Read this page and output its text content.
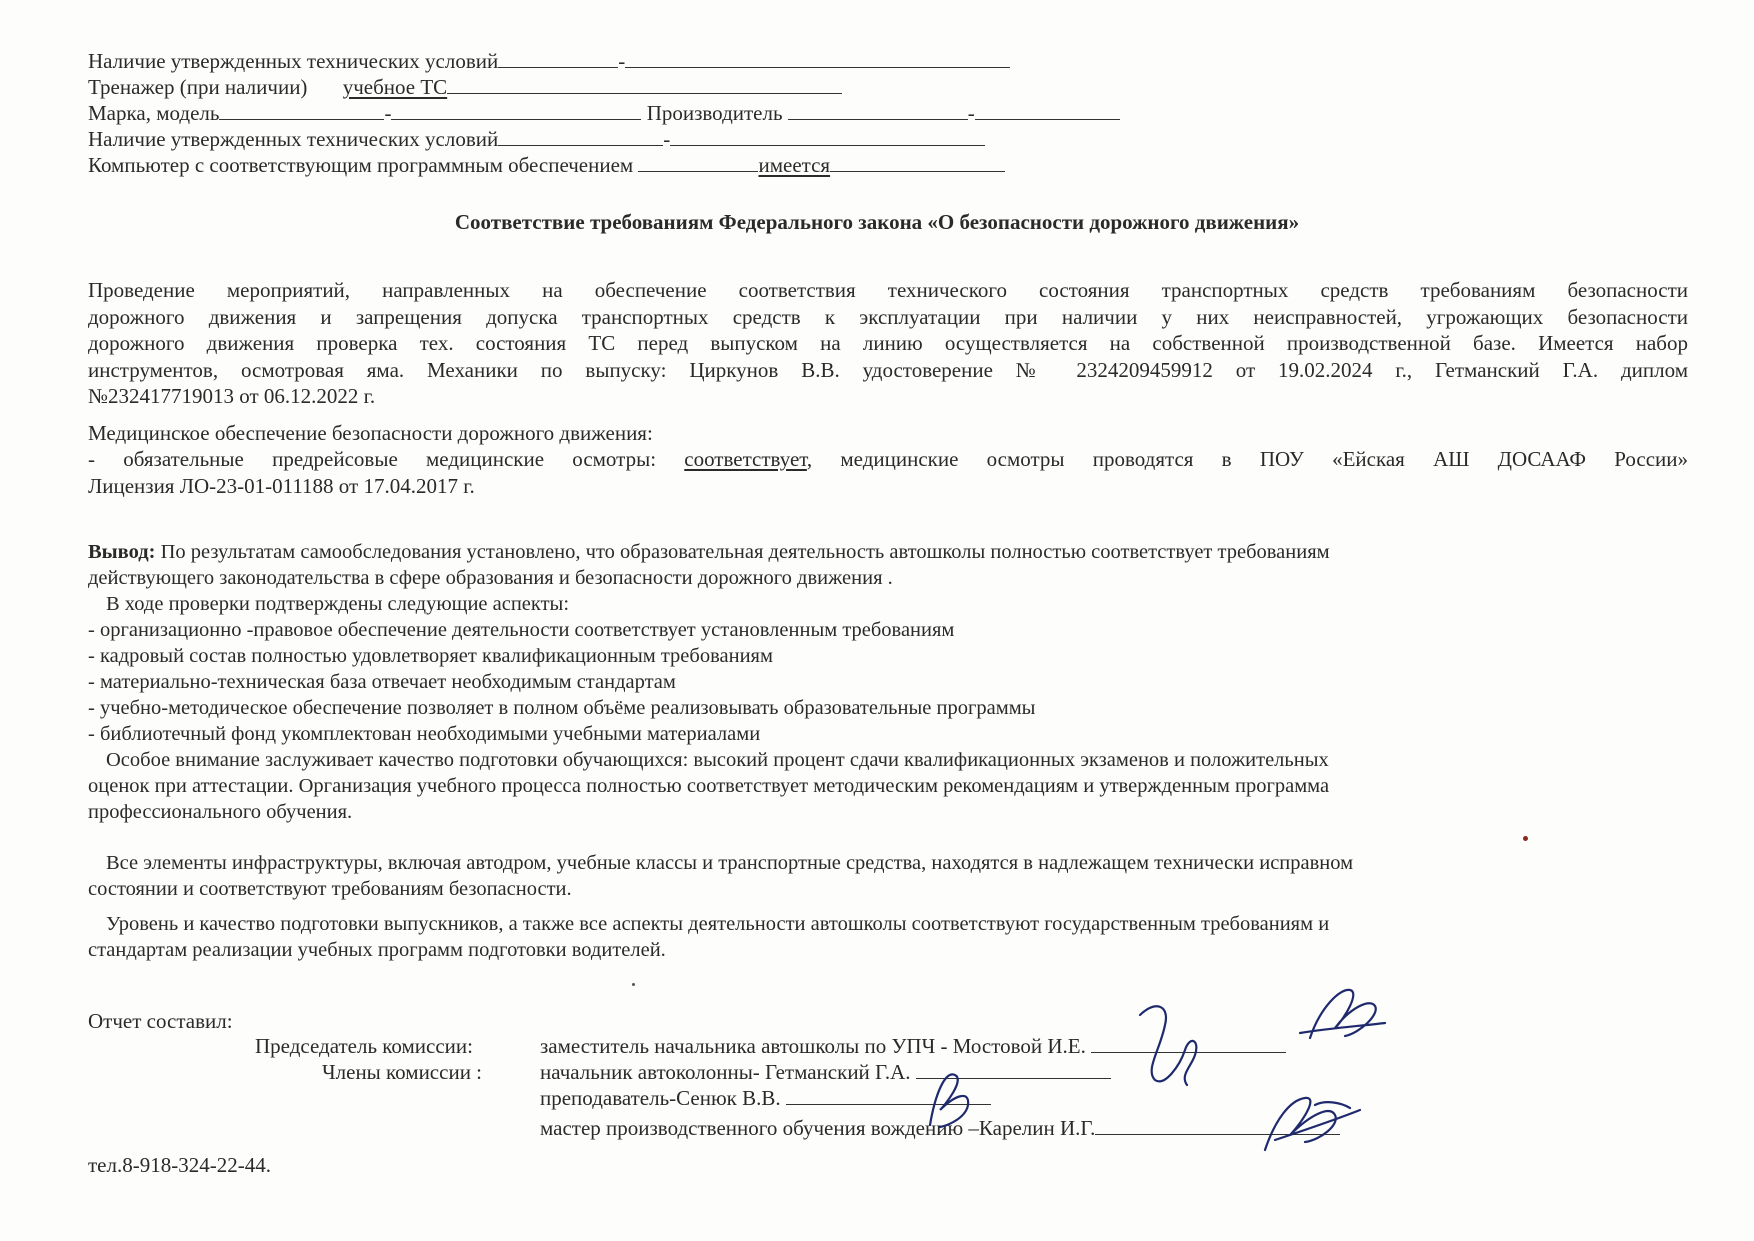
Наличие утвержденных технических условий	-
Тренажер (при наличии) учебное ТС
Марка, модель	-	Производитель	-
Наличие утвержденных технических условий	-
Компьютер с соответствующим программным обеспечением	имеется
Соответствие требованиям Федерального закона «О безопасности дорожного движения»
Проведение мероприятий, направленных на обеспечение соответствия технического состояния транспортных средств требованиям безопасности
дорожного движения и запрещения допуска транспортных средств к эксплуатации при наличии у них неисправностей, угрожающих безопасности
дорожного движения проверка тех. состояния ТС перед выпуском на линию осуществляется на собственной производственной базе. Имеется набор
инструментов, осмотровая яма. Механики по выпуску: Циркунов В.В. удостоверение № 2324209459912 от 19.02.2024 г., Гетманский Г.А. диплом
№232417719013 от 06.12.2022 г.
Медицинское обеспечение безопасности дорожного движения:
- обязательные предрейсовые медицинские осмотры: соответствует, медицинские осмотры проводятся в ПОУ «Ейская АШ ДОСААФ России»
Лицензия ЛО-23-01-011188 от 17.04.2017 г.
Вывод: По результатам самообследования установлено, что образовательная деятельность автошколы полностью соответствует требованиям
действующего законодательства в сфере образования и безопасности дорожного движения .
В ходе проверки подтверждены следующие аспекты:
- организационно -правовое обеспечение деятельности соответствует установленным требованиям
- кадровый состав полностью удовлетворяет квалификационным требованиям
- материально-техническая база отвечает необходимым стандартам
- учебно-методическое обеспечение позволяет в полном объёме реализовывать образовательные программы
- библиотечный фонд укомплектован необходимыми учебными материалами
Особое внимание заслуживает качество подготовки обучающихся: высокий процент сдачи квалификационных экзаменов и положительных
оценок при аттестации. Организация учебного процесса полностью соответствует методическим рекомендациям и утвержденным программа
профессионального обучения.
Все элементы инфраструктуры, включая автодром, учебные классы и транспортные средства, находятся в надлежащем технически исправном
состоянии и соответствуют требованиям безопасности.
Уровень и качество подготовки выпускников, а также все аспекты деятельности автошколы соответствуют государственным требованиям и
стандартам реализации учебных программ подготовки водителей.
Отчет составил:
Председатель комиссии:	заместитель начальника автошколы по УПЧ - Мостовой И.Е.
Члены комиссии :	начальник автоколонны- Гетманский Г.А.
преподаватель-Сенюк В.В.
мастер производственного обучения вождению –Карелин И.Г.
тел.8-918-324-22-44.
